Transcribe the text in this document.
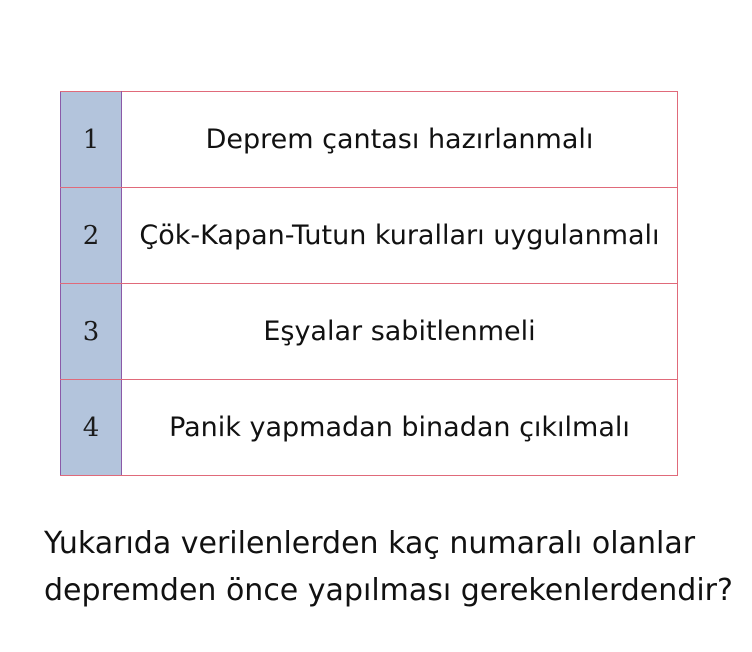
1	Deprem çantası hazırlanmalı
2	Çök-Kapan-Tutun kuralları uygulanmalı
3	Eşyalar sabitlenmeli
4	Panik yapmadan binadan çıkılmalı
Yukarıda verilenlerden kaç numaralı olanlar
depremden önce yapılması gerekenlerdendir?
